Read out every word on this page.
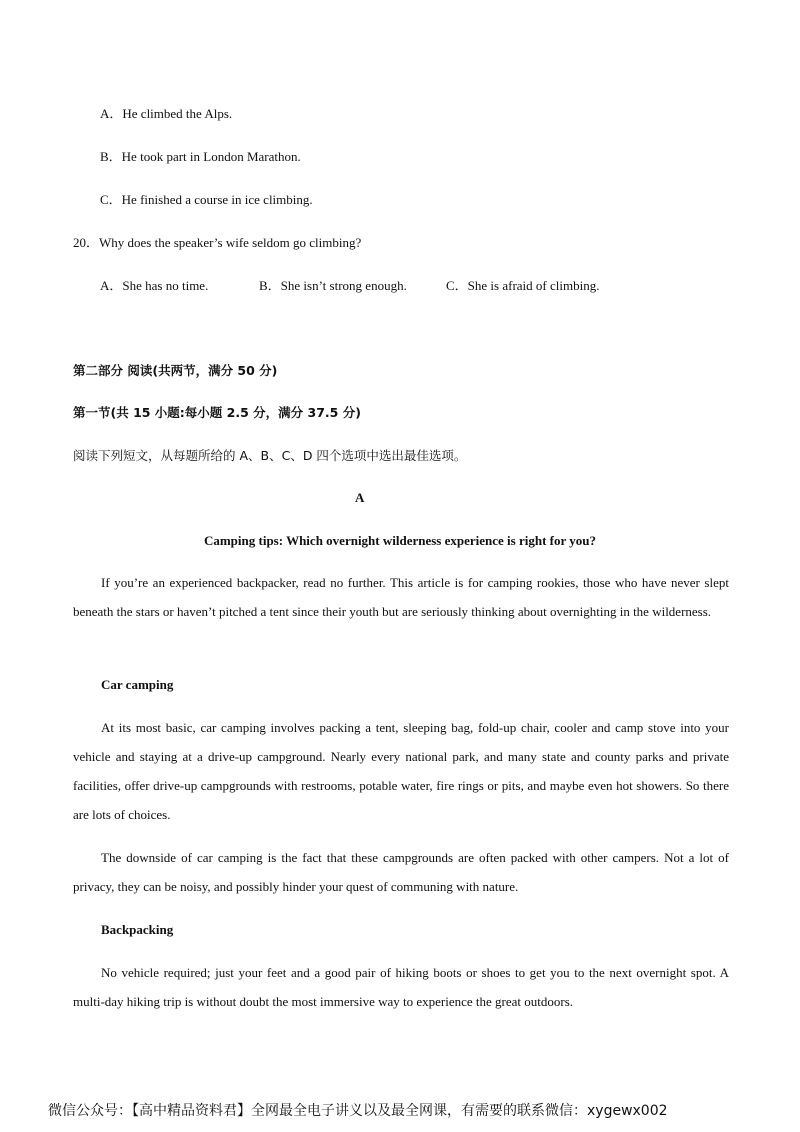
A．He climbed the Alps.
B．He took part in London Marathon.
C．He finished a course in ice climbing.
20．Why does the speaker’s wife seldom go climbing?
A．She has no time.	B．She isn’t strong enough.	C．She is afraid of climbing.
第二部分 阅读(共两节，满分 50 分)
第一节(共 15 小题:每小题 2.5 分，满分 37.5 分)
阅读下列短文，从每题所给的 A、B、C、D 四个选项中选出最佳选项。
A
Camping tips: Which overnight wilderness experience is right for you?
If you’re an experienced backpacker, read no further. This article is for camping rookies, those who have never slept beneath the stars or haven’t pitched a tent since their youth but are seriously thinking about overnighting in the wilderness.
Car camping
At its most basic, car camping involves packing a tent, sleeping bag, fold-up chair, cooler and camp stove into your vehicle and staying at a drive-up campground. Nearly every national park, and many state and county parks and private facilities, offer drive-up campgrounds with restrooms, potable water, fire rings or pits, and maybe even hot showers. So there are lots of choices.
The downside of car camping is the fact that these campgrounds are often packed with other campers. Not a lot of privacy, they can be noisy, and possibly hinder your quest of communing with nature.
Backpacking
No vehicle required; just your feet and a good pair of hiking boots or shoes to get you to the next overnight spot. A multi-day hiking trip is without doubt the most immersive way to experience the great outdoors.
微信公众号：【高中精品资料君】全网最全电子讲义以及最全网课，有需要的联系微信：xygewx002
